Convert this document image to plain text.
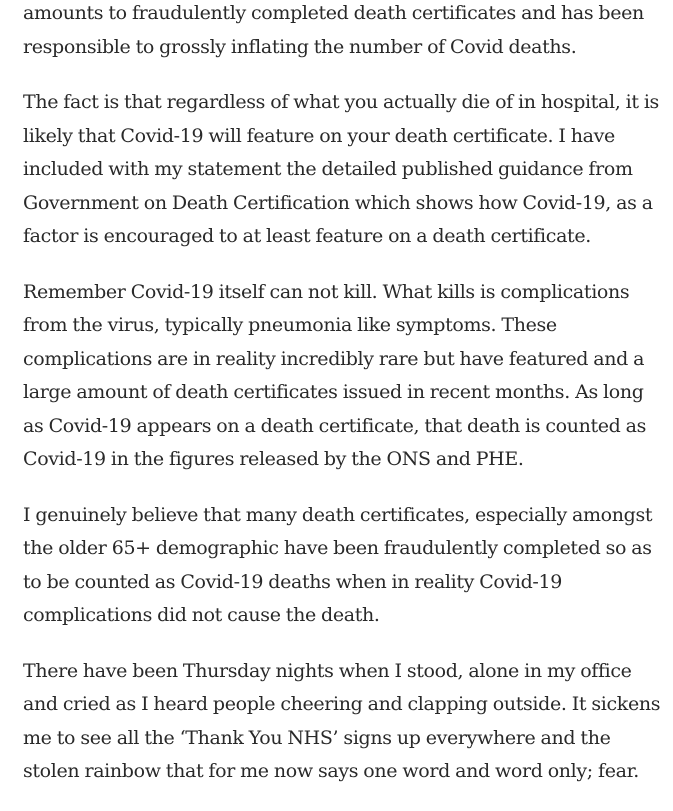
amounts to fraudulently completed death certificates and has been responsible to grossly inflating the number of Covid deaths.

The fact is that regardless of what you actually die of in hospital, it is likely that Covid-19 will feature on your death certificate. I have included with my statement the detailed published guidance from Government on Death Certification which shows how Covid-19, as a factor is encouraged to at least feature on a death certificate.

Remember Covid-19 itself can not kill. What kills is complications from the virus, typically pneumonia like symptoms. These complications are in reality incredibly rare but have featured and a large amount of death certificates issued in recent months. As long as Covid-19 appears on a death certificate, that death is counted as Covid-19 in the figures released by the ONS and PHE.

I genuinely believe that many death certificates, especially amongst the older 65+ demographic have been fraudulently completed so as to be counted as Covid-19 deaths when in reality Covid-19 complications did not cause the death.

There have been Thursday nights when I stood, alone in my office and cried as I heard people cheering and clapping outside. It sickens me to see all the ‘Thank You NHS’ signs up everywhere and the stolen rainbow that for me now says one word and word only; fear.
